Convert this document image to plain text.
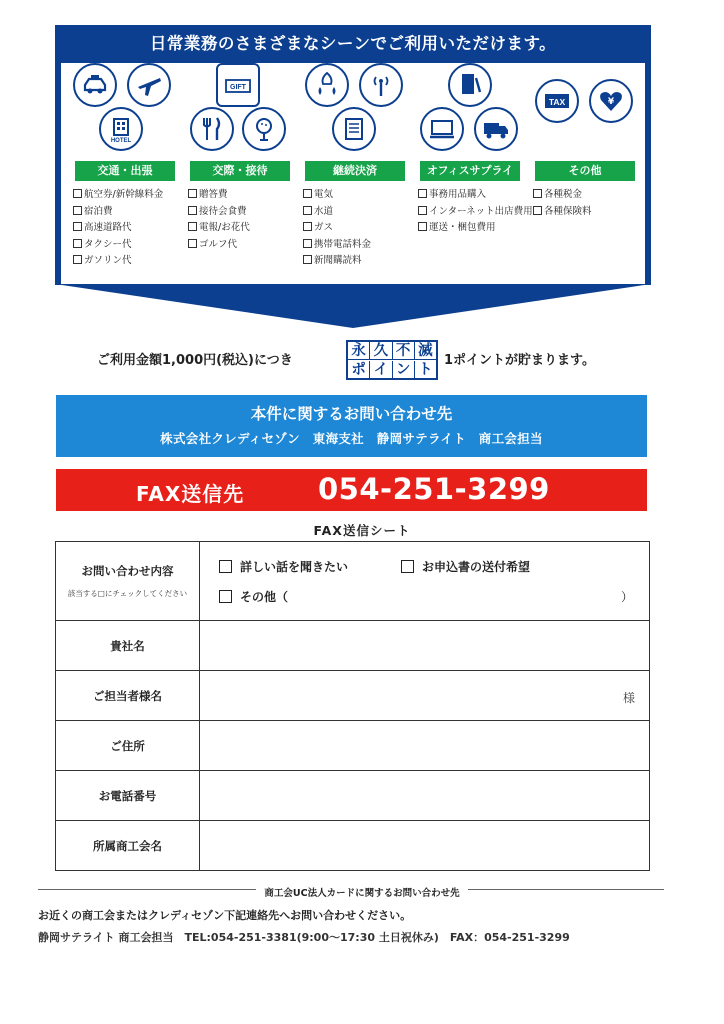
日常業務のさまざまなシーンでご利用いただけます。
HOTEL
交通・出張
航空券/新幹線料金
宿泊費
高速道路代
タクシー代
ガソリン代
GIFT
交際・接待
贈答費
接待会食費
電報/お花代
ゴルフ代
継続決済
電気
水道
ガス
携帯電話料金
新聞購読料
オフィスサプライ
事務用品購入
インターネット出店費用
運送・梱包費用
TAX	¥
その他
各種税金
各種保険料
ご利用金額1,000円(税込)につき
永 久 不 滅
ポ イ ン ト
1ポイントが貯まります。
本件に関するお問い合わせ先
株式会社クレディセゾン　東海支社　静岡サテライト　商工会担当
FAX送信先	054-251-3299
FAX送信シート
お問い合わせ内容
該当する□にチェックしてください
詳しい話を聞きたい	お申込書の送付希望
その他（	）
貴社名
ご担当者様名	様
ご住所
お電話番号
所属商工会名
商工会UC法人カードに関するお問い合わせ先
お近くの商工会またはクレディセゾン下記連絡先へお問い合わせください。
静岡サテライト 商工会担当　TEL:054-251-3381(9:00〜17:30 土日祝休み)　FAX：054-251-3299
